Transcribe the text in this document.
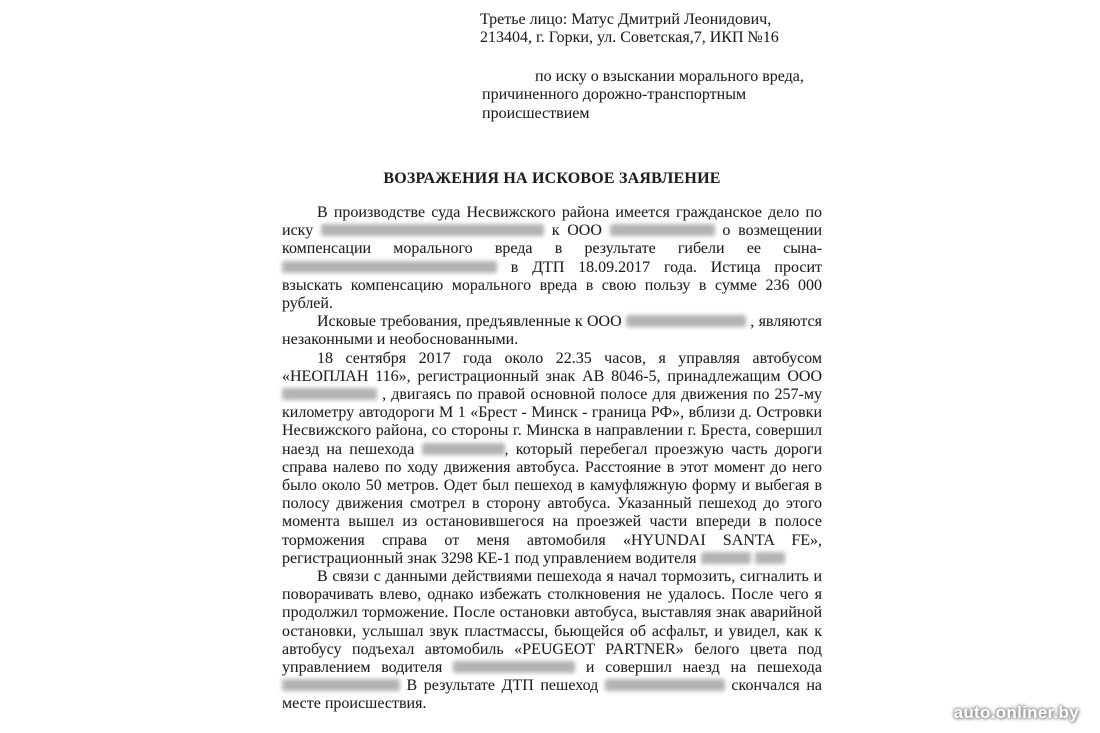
Третье лицо: Матус Дмитрий Леонидович,
213404, г. Горки, ул. Советская,7, ИКП №16
по иску о взыскании морального вреда,
причиненного дорожно-транспортным
происшествием
ВОЗРАЖЕНИЯ НА ИСКОВОЕ ЗАЯВЛЕНИЕ

В производстве суда Несвижского района имеется гражданское дело по иску	к ООО	о возмещении компенсации морального вреда в результате гибели ее сына-  в ДТП 18.09.2017 года. Истица просит взыскать компенсацию морального вреда в свою пользу в сумме 236 000 рублей.

Исковые требования, предъявленные к ООО	, являются незаконными и необоснованными.

18 сентября 2017 года около 22.35 часов, я управляя автобусом «НЕОПЛАН 116», регистрационный знак АВ 8046-5, принадлежащим ООО  , двигаясь по правой основной полосе для движения по 257-му километру автодороги М 1 «Брест - Минск - граница РФ», вблизи д. Островки Несвижского района, со стороны г. Минска в направлении г. Бреста, совершил наезд на пешехода	, который перебегал проезжую часть дороги справа налево по ходу движения автобуса. Расстояние в этот момент до него было около 50 метров. Одет был пешеход в камуфляжную форму и выбегая в полосу движения смотрел в сторону автобуса. Указанный пешеход до этого момента вышел из остановившегося на проезжей части впереди в полосе торможения справа от меня автомобиля «HYUNDAI SANTA FE», регистрационный знак 3298 КЕ-1 под управлением водителя

В связи с данными действиями пешехода я начал тормозить, сигналить и поворачивать влево, однако избежать столкновения не удалось. После чего я продолжил торможение. После остановки автобуса, выставляя знак аварийной остановки, услышал звук пластмассы, бьющейся об асфальт, и увидел, как к автобусу подъехал автомобиль «PEUGEOT PARTNER» белого цвета под управлением водителя	и совершил наезд на пешехода  В результате ДТП пешеход	скончался на месте происшествия.	auto.onliner.by
